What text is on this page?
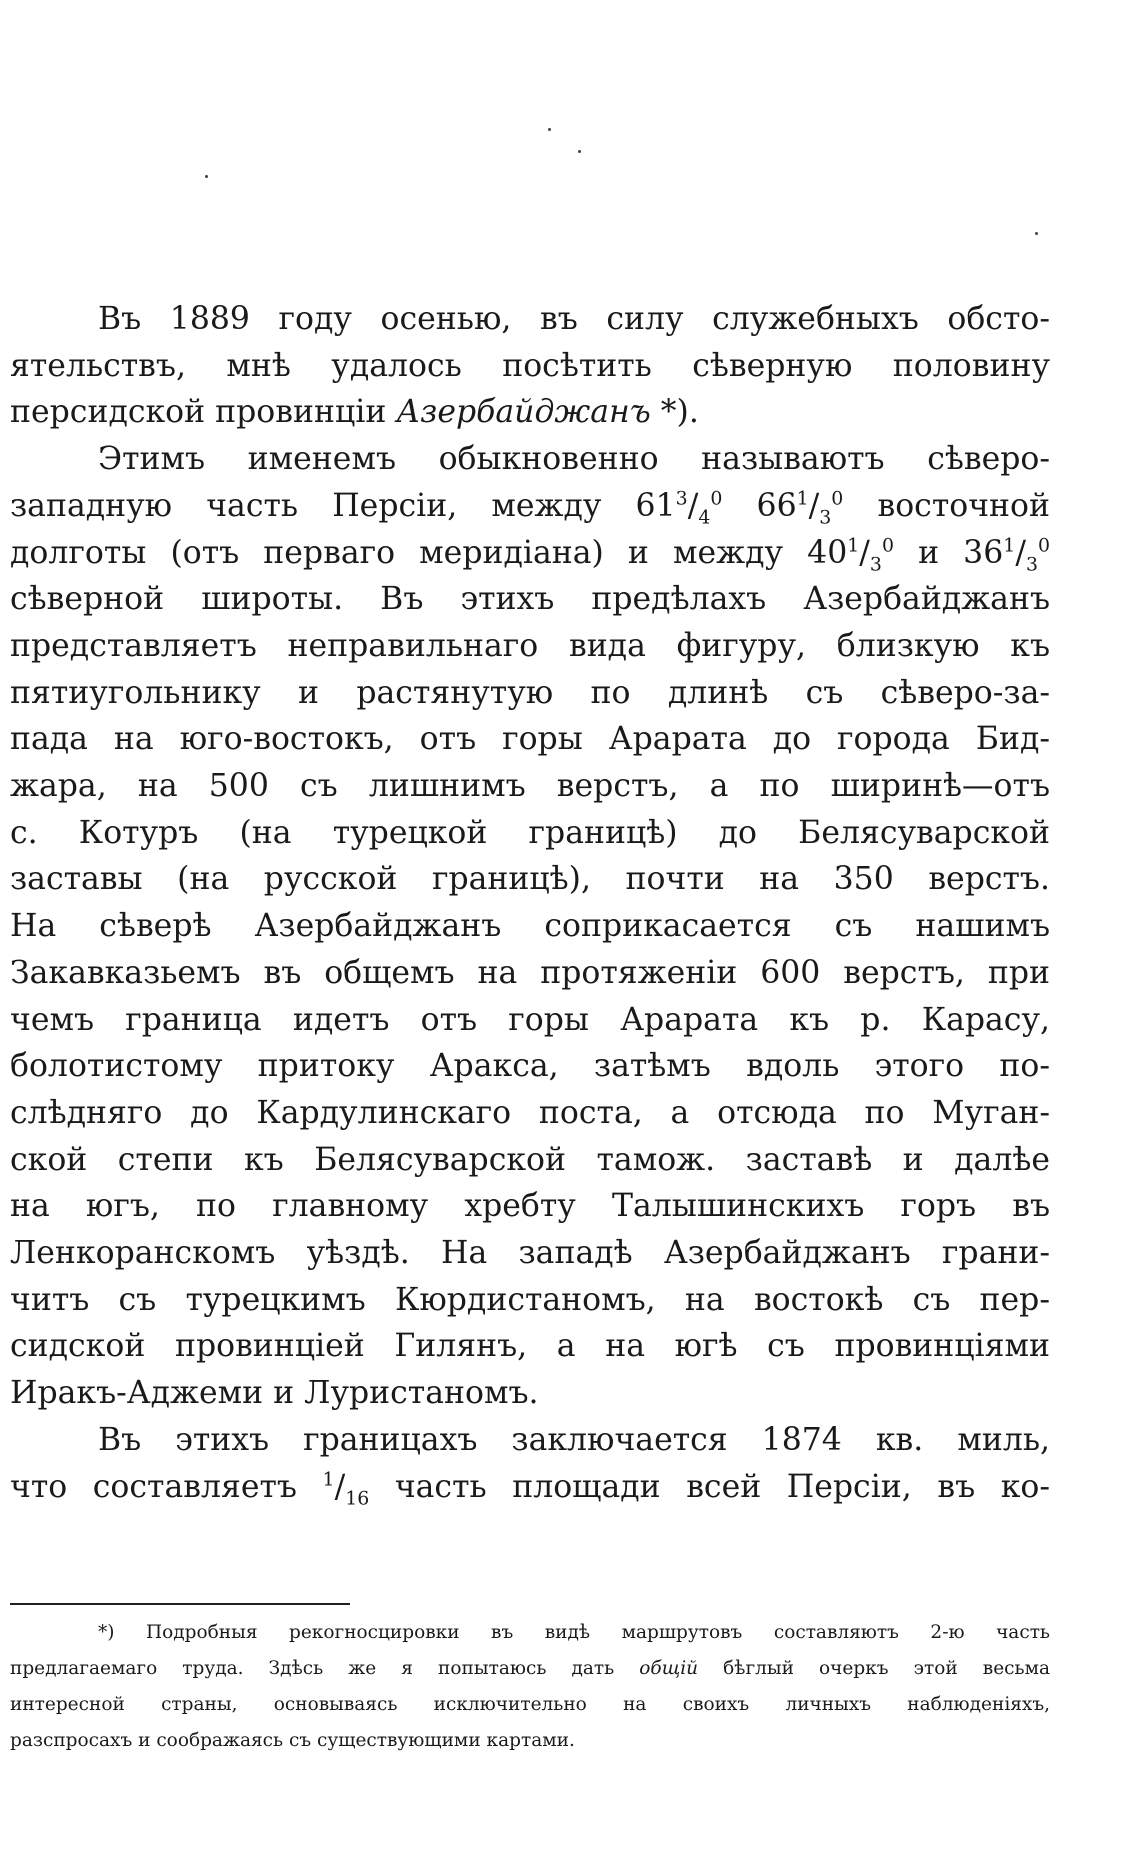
Въ 1889 году осенью, въ силу служебныхъ обсто-
ятельствъ, мнѣ удалось посѣтить сѣверную половину
персидской провинціи Азербайджанъ *).
Этимъ именемъ обыкновенно называютъ сѣверо-
западную часть Персіи, между $61^3/_4^0$ $66^1/_3^0$ восточной
долготы (отъ перваго меридіана) и между $40^1/_3^0$ и $36^1/_3^0$
сѣверной широты. Въ этихъ предѣлахъ Азербайджанъ
представляетъ неправильнаго вида фигуру, близкую къ
пятиугольнику и растянутую по длинѣ съ сѣверо-за-
пада на юго-востокъ, отъ горы Арарата до города Бид-
жара, на 500 съ лишнимъ верстъ, а по ширинѣ—отъ
с. Котуръ (на турецкой границѣ) до Белясуварской
заставы (на русской границѣ), почти на 350 верстъ.
На сѣверѣ Азербайджанъ соприкасается съ нашимъ
Закавказьемъ въ общемъ на протяженіи 600 верстъ, при
чемъ граница идетъ отъ горы Арарата къ р. Карасу,
болотистому притоку Аракса, затѣмъ вдоль этого по-
слѣдняго до Кардулинскаго поста, а отсюда по Муган-
ской степи къ Белясуварской тамож. заставѣ и далѣе
на югъ, по главному хребту Талышинскихъ горъ въ
Ленкоранскомъ уѣздѣ. На западѣ Азербайджанъ грани-
читъ съ турецкимъ Кюрдистаномъ, на востокѣ съ пер-
сидской провинціей Гилянъ, а на югѣ съ провинціями
Иракъ-Аджеми и Луристаномъ.
Въ этихъ границахъ заключается 1874 кв. миль,
что составляетъ $^1/_{16}$ часть площади всей Персіи, въ ко-
*) Подробныя рекогносцировки въ видѣ маршрутовъ составляютъ 2-ю часть
предлагаемаго труда. Здѣсь же я попытаюсь дать общій бѣглый очеркъ этой весьма
интересной страны, основываясь исключительно на своихъ личныхъ наблюденіяхъ,
разспросахъ и соображаясь съ существующими картами.
